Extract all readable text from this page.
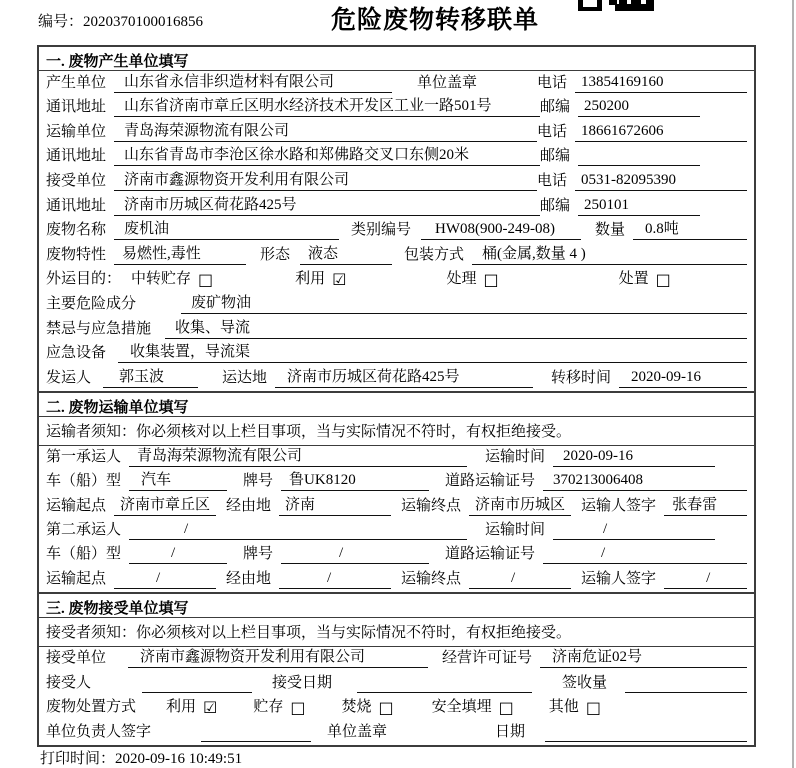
编号：2020370100016856	危险废物转移联单
一. 废物产生单位填写
产生单位	山东省永信非织造材料有限公司	单位盖章	电话 13854169160
通讯地址	山东省济南市章丘区明水经济技术开发区工业一路501号	邮编 250200
运输单位	青岛海荣源物流有限公司	电话 18661672606
通讯地址	山东省青岛市李沧区徐水路和郑佛路交叉口东侧20米	邮编
接受单位	济南市鑫源物资开发利用有限公司	电话 0531-82095390
通讯地址	济南市历城区荷花路425号	邮编 250101
废物名称	废机油	类别编号	HW08(900-249-08)	数量	0.8吨
废物特性	易燃性,毒性	形态	液态	包装方式	桶(金属,数量 4 )
外运目的： 中转贮存 □	利用 ☑	处理 □	处置 □
主要危险成分	废矿物油
禁忌与应急措施	收集、导流
应急设备	收集装置，导流渠
发运人	郭玉波	运达地	济南市历城区荷花路425号	转移时间	2020-09-16
二. 废物运输单位填写
运输者须知：你必须核对以上栏目事项，当与实际情况不符时，有权拒绝接受。
第一承运人	青岛海荣源物流有限公司	运输时间	2020-09-16
车（船）型	汽车	牌号	鲁UK8120	道路运输证号	370213006408
运输起点 济南市章丘区	经由地 济南	运输终点 济南市历城区	运输人签字	张春雷
第二承运人	/	运输时间	/
车（船）型	/	牌号	/	道路运输证号	/
运输起点	/	经由地	/	运输终点	/	运输人签字	/
三. 废物接受单位填写
接受者须知：你必须核对以上栏目事项，当与实际情况不符时，有权拒绝接受。
接受单位	济南市鑫源物资开发利用有限公司	经营许可证号	济南危证02号
接受人	接受日期	签收量
废物处置方式 利用 ☑ 贮存 □ 焚烧 □	安全填埋 □ 其他 □
单位负责人签字	单位盖章	日期
打印时间：2020-09-16 10:49:51
